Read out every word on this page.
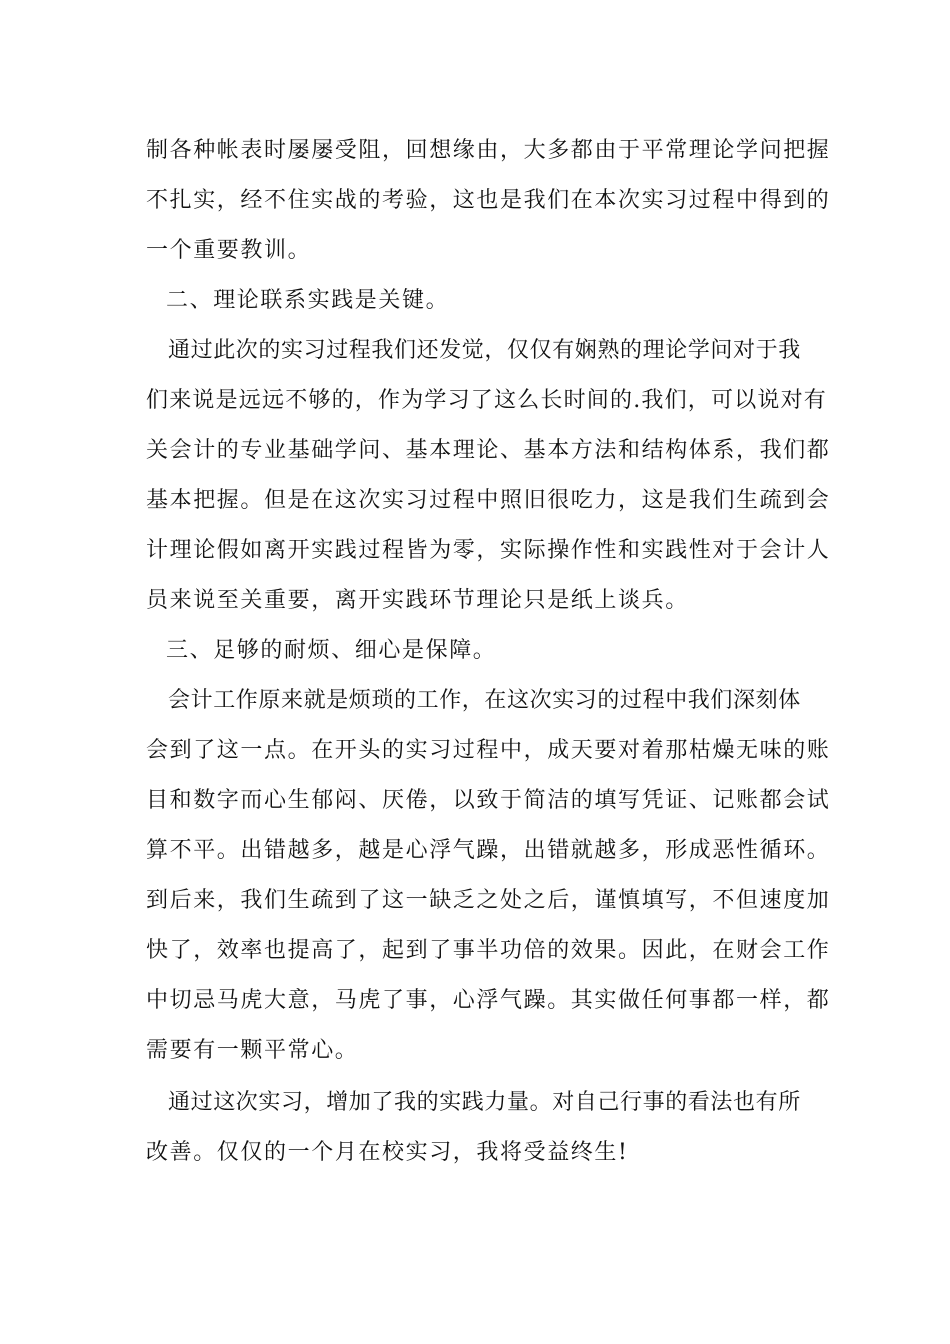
制各种帐表时屡屡受阻，回想缘由，大多都由于平常理论学问把握
不扎实，经不住实战的考验，这也是我们在本次实习过程中得到的
一个重要教训。
二、理论联系实践是关键。
通过此次的实习过程我们还发觉，仅仅有娴熟的理论学问对于我
们来说是远远不够的，作为学习了这么长时间的.我们，可以说对有
关会计的专业基础学问、基本理论、基本方法和结构体系，我们都
基本把握。但是在这次实习过程中照旧很吃力，这是我们生疏到会
计理论假如离开实践过程皆为零，实际操作性和实践性对于会计人
员来说至关重要，离开实践环节理论只是纸上谈兵。
三、足够的耐烦、细心是保障。
会计工作原来就是烦琐的工作，在这次实习的过程中我们深刻体
会到了这一点。在开头的实习过程中，成天要对着那枯燥无味的账
目和数字而心生郁闷、厌倦，以致于简洁的填写凭证、记账都会试
算不平。出错越多，越是心浮气躁，出错就越多，形成恶性循环。
到后来，我们生疏到了这一缺乏之处之后，谨慎填写，不但速度加
快了，效率也提高了，起到了事半功倍的效果。因此，在财会工作
中切忌马虎大意，马虎了事，心浮气躁。其实做任何事都一样，都
需要有一颗平常心。
通过这次实习，增加了我的实践力量。对自己行事的看法也有所
改善。仅仅的一个月在校实习，我将受益终生!
